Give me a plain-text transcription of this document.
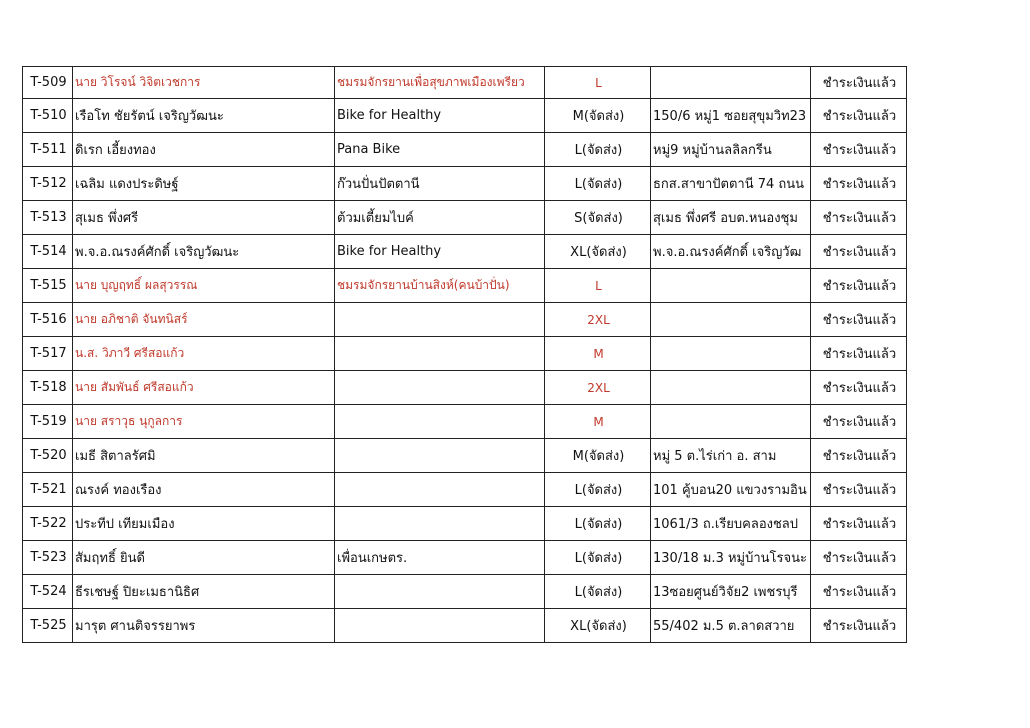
T-509	นาย วิโรจน์ วิจิตเวชการ	ชมรมจักรยานเพื่อสุขภาพเมืองเพรียว	L		ชำระเงินแล้ว	
T-510	เรือโท ชัยรัตน์ เจริญวัฒนะ	Bike for Healthy	M(จัดส่ง)	150/6 หมู่1 ซอยสุขุมวิท23	ชำระเงินแล้ว	
T-511	ดิเรก เอี้ยงทอง	Pana Bike	L(จัดส่ง)	หมู่9 หมู่บ้านลลิลกรีน	ชำระเงินแล้ว	
T-512	เฉลิม แดงประดิษฐ์	ก๊วนปั่นปัตตานี	L(จัดส่ง)	ธกส.สาขาปัตตานี 74 ถนน	ชำระเงินแล้ว	
T-513	สุเมธ พึ่งศรี	ต้วมเตี้ยมไบค์	S(จัดส่ง)	สุเมธ พึ่งศรี อบต.หนองชุม	ชำระเงินแล้ว	
T-514	พ.จ.อ.ณรงค์ศักดิ์ เจริญวัฒนะ	Bike for Healthy	XL(จัดส่ง)	พ.จ.อ.ณรงค์ศักดิ์ เจริญวัฒ	ชำระเงินแล้ว	
T-515	นาย บุญฤทธิ์ ผลสุวรรณ	ชมรมจักรยานบ้านสิงห์(คนบ้าปั่น)	L		ชำระเงินแล้ว	
T-516	นาย อภิชาติ จันทนิสร์		2XL		ชำระเงินแล้ว	
T-517	น.ส. วิภาวี ศรีสอแก้ว		M		ชำระเงินแล้ว	
T-518	นาย สัมพันธ์ ศรีสอแก้ว		2XL		ชำระเงินแล้ว	
T-519	นาย สราวุธ นุกูลการ		M		ชำระเงินแล้ว	
T-520	เมธี สิตาลรัศมิ		M(จัดส่ง)	หมู่ 5 ต.ไร่เก่า อ. สาม	ชำระเงินแล้ว	
T-521	ณรงค์ ทองเรือง		L(จัดส่ง)	101 คู้บอน20 แขวงรามอิน	ชำระเงินแล้ว	
T-522	ประทีป เทียมเมือง		L(จัดส่ง)	1061/3 ถ.เรียบคลองชลป	ชำระเงินแล้ว	
T-523	สัมฤทธิ์ ยินดี	เพื่อนเกษตร.	L(จัดส่ง)	130/18 ม.3 หมู่บ้านโรจนะ	ชำระเงินแล้ว	
T-524	ธีรเชษฐ์ ปิยะเมธานิธิศ		L(จัดส่ง)	13ซอยศูนย์วิจัย2 เพชรบุรี	ชำระเงินแล้ว	
T-525	มารุต ศานติจรรยาพร		XL(จัดส่ง)	55/402 ม.5 ต.ลาดสวาย	ชำระเงินแล้ว	
